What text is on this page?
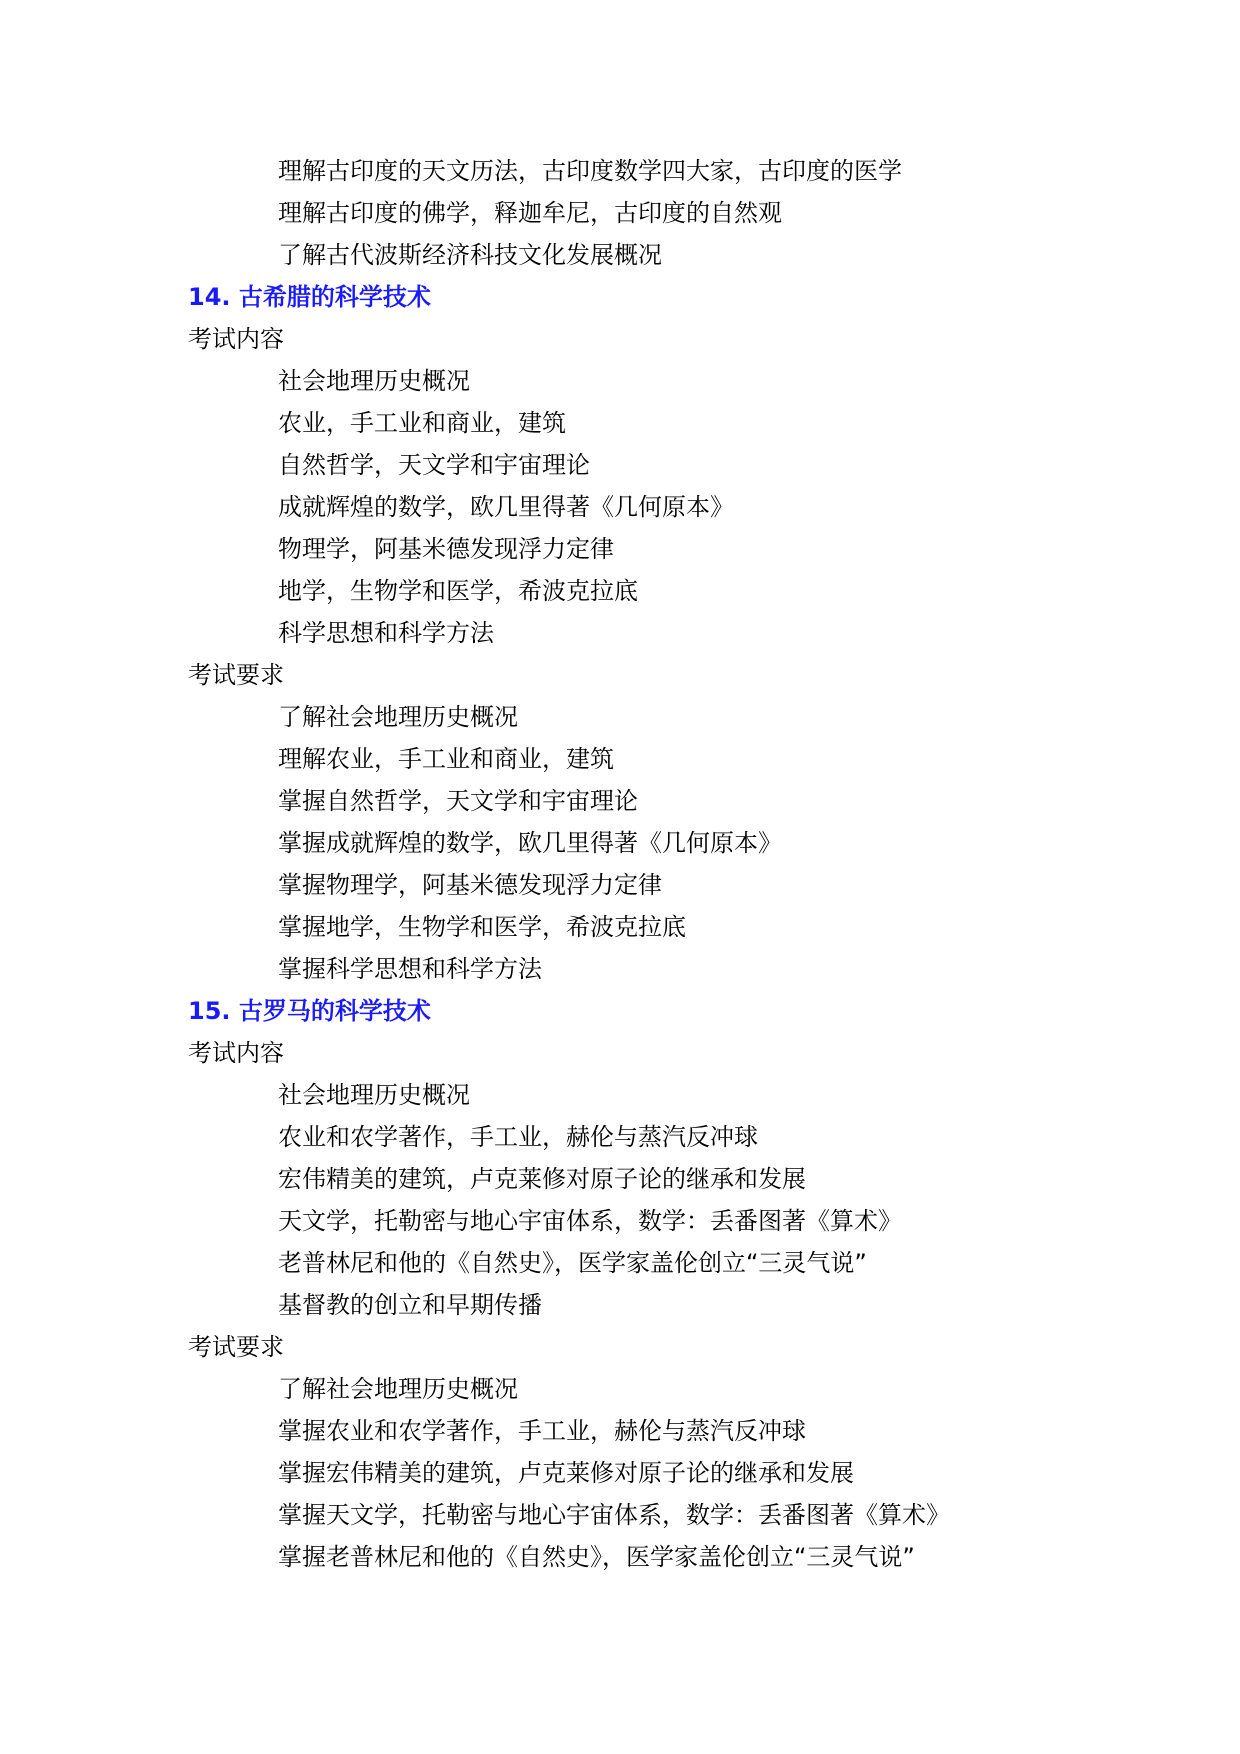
理解古印度的天文历法，古印度数学四大家，古印度的医学
理解古印度的佛学，释迦牟尼，古印度的自然观
了解古代波斯经济科技文化发展概况
14. 古希腊的科学技术
考试内容
社会地理历史概况
农业，手工业和商业，建筑
自然哲学，天文学和宇宙理论
成就辉煌的数学，欧几里得著《几何原本》
物理学，阿基米德发现浮力定律
地学，生物学和医学，希波克拉底
科学思想和科学方法
考试要求
了解社会地理历史概况
理解农业，手工业和商业，建筑
掌握自然哲学，天文学和宇宙理论
掌握成就辉煌的数学，欧几里得著《几何原本》
掌握物理学，阿基米德发现浮力定律
掌握地学，生物学和医学，希波克拉底
掌握科学思想和科学方法
15. 古罗马的科学技术
考试内容
社会地理历史概况
农业和农学著作，手工业，赫伦与蒸汽反冲球
宏伟精美的建筑，卢克莱修对原子论的继承和发展
天文学，托勒密与地心宇宙体系，数学：丢番图著《算术》
老普林尼和他的《自然史》，医学家盖伦创立“三灵气说”
基督教的创立和早期传播
考试要求
了解社会地理历史概况
掌握农业和农学著作，手工业，赫伦与蒸汽反冲球
掌握宏伟精美的建筑，卢克莱修对原子论的继承和发展
掌握天文学，托勒密与地心宇宙体系，数学：丢番图著《算术》
掌握老普林尼和他的《自然史》，医学家盖伦创立“三灵气说”
